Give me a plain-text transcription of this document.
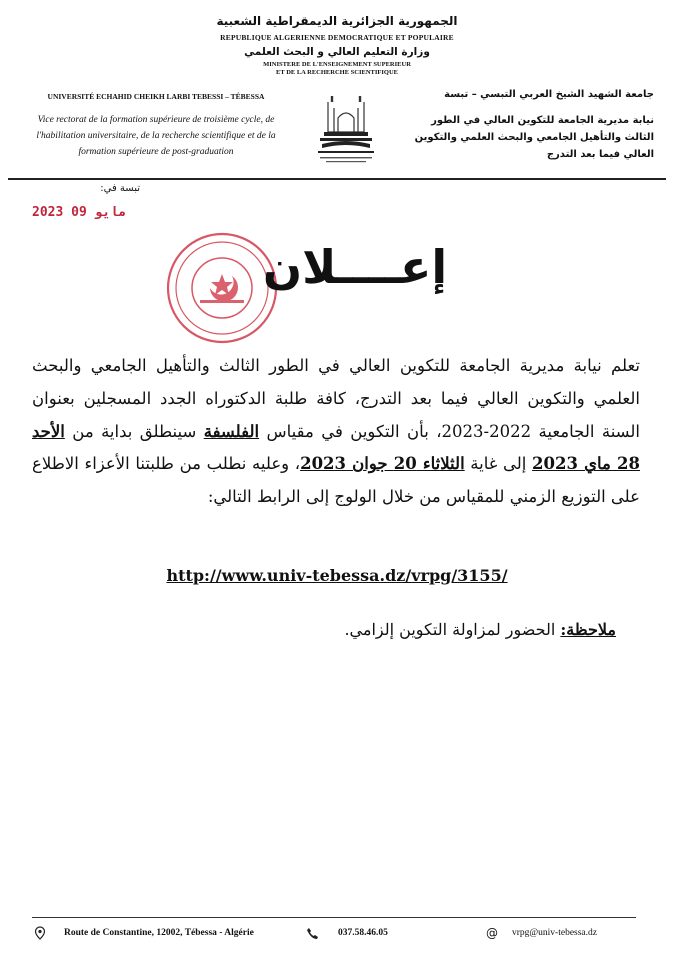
الجمهورية الجزائرية الديمقراطية الشعبية
REPUBLIQUE ALGERIENNE DEMOCRATIQUE ET POPULAIRE
وزارة التعليم العالي و البحث العلمي
MINISTERE DE L'ENSEIGNEMENT SUPERIEUR
ET DE LA RECHERCHE SCIENTIFIQUE
UNIVERSITÉ ECHAHID CHEIKH LARBI TEBESSI – TÉBESSA
Vice rectorat de la formation supérieure de troisième cycle, de
l'habilitation universitaire, de la recherche scientifique et de la
formation supérieure de post-graduation
جامعة الشهيد الشيخ العربي التبسي – تبسة
نيابة مديرية الجامعة للتكوين العالي في الطور
الثالث والتأهيل الجامعي والبحث العلمي والتكوين
العالي فيما بعد التدرج
تبسة في:
2023 مايو 09
إعــــلان
تعلم نيابة مديرية الجامعة للتكوين العالي في الطور الثالث والتأهيل الجامعي والبحث العلمي والتكوين العالي فيما بعد التدرج، كافة طلبة الدكتوراه الجدد المسجلين بعنوان السنة الجامعية 2022-2023، بأن التكوين في مقياس الفلسفة سينطلق بداية من الأحد 28 ماي 2023 إلى غاية الثلاثاء 20 جوان 2023، وعليه نطلب من طلبتنا الأعزاء الاطلاع على التوزيع الزمني للمقياس من خلال الولوج إلى الرابط التالي:
http://www.univ-tebessa.dz/vrpg/3155/
ملاحظة: الحضور لمزاولة التكوين إلزامي.
Route de Constantine, 12002, Tébessa - Algérie	037.58.46.05	@ vrpg@univ-tebessa.dz
